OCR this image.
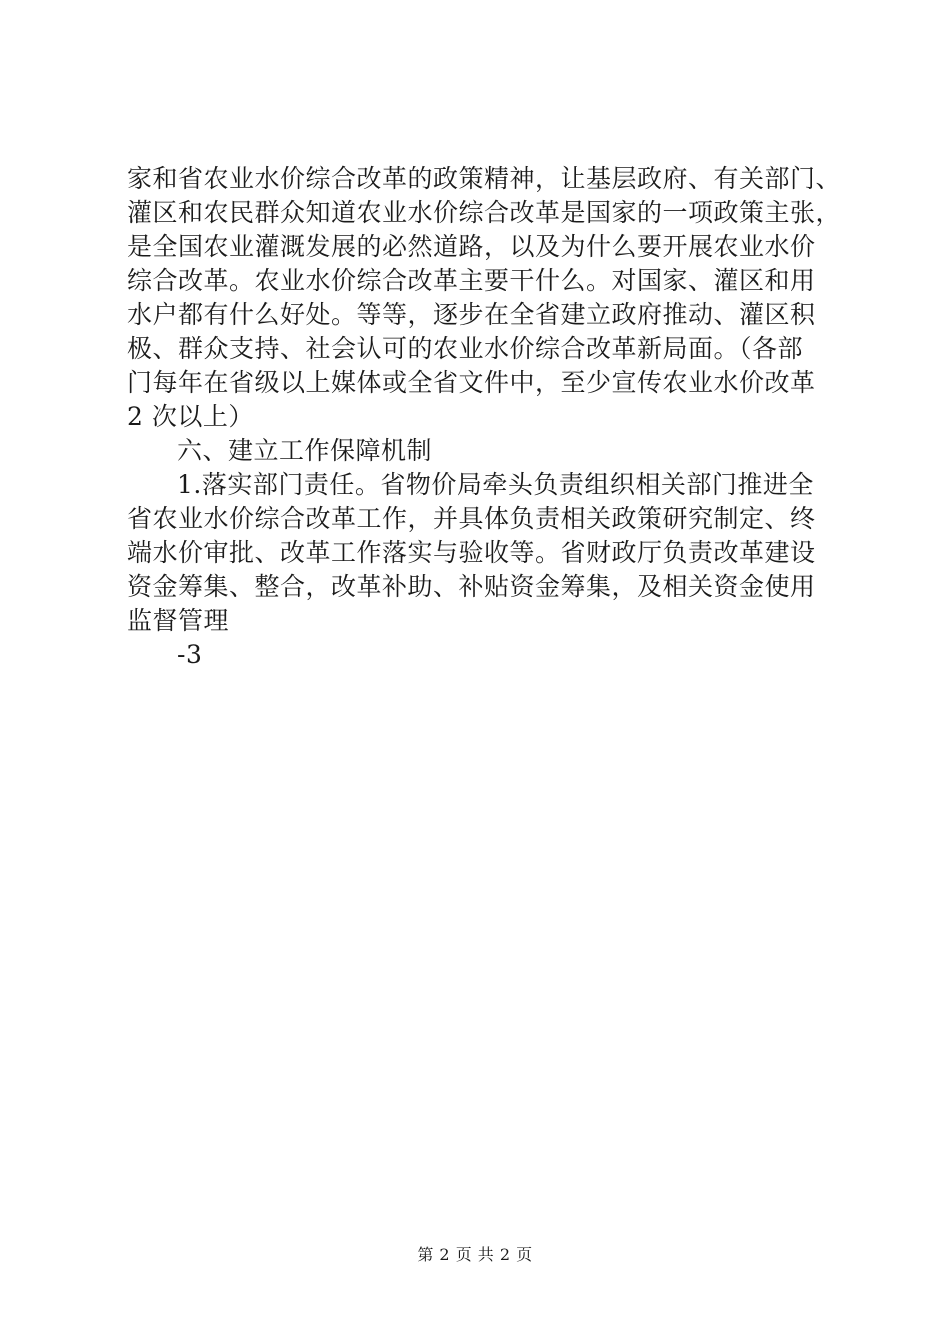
家和省农业水价综合改革的政策精神，让基层政府、有关部门、
灌区和农民群众知道农业水价综合改革是国家的一项政策主张，
是全国农业灌溉发展的必然道路，以及为什么要开展农业水价
综合改革。农业水价综合改革主要干什么。对国家、灌区和用
水户都有什么好处。等等，逐步在全省建立政府推动、灌区积
极、群众支持、社会认可的农业水价综合改革新局面。（各部
门每年在省级以上媒体或全省文件中，至少宣传农业水价改革
2 次以上）
六、建立工作保障机制
1.落实部门责任。省物价局牵头负责组织相关部门推进全
省农业水价综合改革工作，并具体负责相关政策研究制定、终
端水价审批、改革工作落实与验收等。省财政厅负责改革建设
资金筹集、整合，改革补助、补贴资金筹集，及相关资金使用
监督管理
-3
第 2 页 共 2 页
